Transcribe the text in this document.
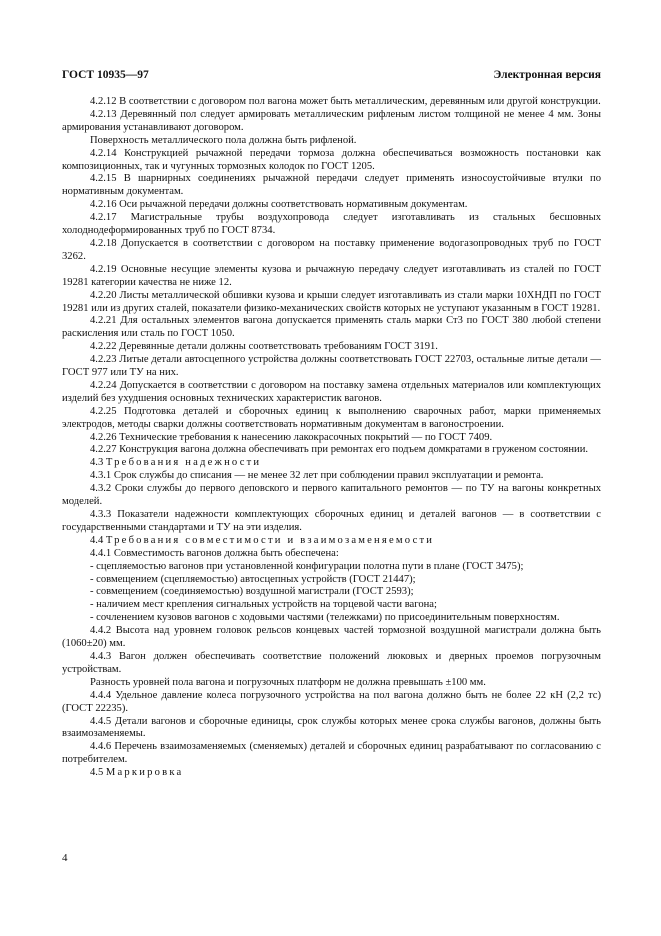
ГОСТ 10935—97	Электронная версия

4.2.12 В соответствии с договором пол вагона может быть металлическим, деревянным или другой конструкции.

4.2.13 Деревянный пол следует армировать металлическим рифленым листом толщиной не менее 4 мм. Зоны армирования устанавливают договором.

Поверхность металлического пола должна быть рифленой.

4.2.14 Конструкцией рычажной передачи тормоза должна обеспечиваться возможность постановки как композиционных, так и чугунных тормозных колодок по ГОСТ 1205.

4.2.15 В шарнирных соединениях рычажной передачи следует применять износоустойчивые втулки по нормативным документам.

4.2.16 Оси рычажной передачи должны соответствовать нормативным документам.

4.2.17 Магистральные трубы воздухопровода следует изготавливать из стальных бесшовных холоднодеформированных труб по ГОСТ 8734.

4.2.18 Допускается в соответствии с договором на поставку применение водогазопроводных труб по ГОСТ 3262.

4.2.19 Основные несущие элементы кузова и рычажную передачу следует изготавливать из сталей по ГОСТ 19281 категории качества не ниже 12.

4.2.20 Листы металлической обшивки кузова и крыши следует изготавливать из стали марки 10ХНДП по ГОСТ 19281 или из других сталей, показатели физико-механических свойств которых не уступают указанным в ГОСТ 19281.

4.2.21 Для остальных элементов вагона допускается применять сталь марки Ст3 по ГОСТ 380 любой степени раскисления или сталь по ГОСТ 1050.

4.2.22 Деревянные детали должны соответствовать требованиям ГОСТ 3191.

4.2.23 Литые детали автосцепного устройства должны соответствовать ГОСТ 22703, остальные литые детали — ГОСТ 977 или ТУ на них.

4.2.24 Допускается в соответствии с договором на поставку замена отдельных материалов или комплектующих изделий без ухудшения основных технических характеристик вагонов.

4.2.25 Подготовка деталей и сборочных единиц к выполнению сварочных работ, марки применяемых электродов, методы сварки должны соответствовать нормативным документам в вагоностроении.

4.2.26 Технические требования к нанесению лакокрасочных покрытий — по ГОСТ 7409.

4.2.27 Конструкция вагона должна обеспечивать при ремонтах его подъем домкратами в груженом состоянии.

4.3 Требования надежности

4.3.1 Срок службы до списания — не менее 32 лет при соблюдении правил эксплуатации и ремонта.

4.3.2 Сроки службы до первого деповского и первого капитального ремонтов — по ТУ на вагоны конкретных моделей.

4.3.3 Показатели надежности комплектующих сборочных единиц и деталей вагонов — в соответствии с государственными стандартами и ТУ на эти изделия.

4.4 Требования совместимости и взаимозаменяемости

4.4.1 Совместимость вагонов должна быть обеспечена:

- сцепляемостью вагонов при установленной конфигурации полотна пути в плане (ГОСТ 3475);

- совмещением (сцепляемостью) автосцепных устройств (ГОСТ 21447);

- совмещением (соединяемостью) воздушной магистрали (ГОСТ 2593);

- наличием мест крепления сигнальных устройств на торцевой части вагона;

- сочленением кузовов вагонов с ходовыми частями (тележками) по присоединительным поверхностям.

4.4.2 Высота над уровнем головок рельсов концевых частей тормозной воздушной магистрали должна быть (1060±20) мм.

4.4.3 Вагон должен обеспечивать соответствие положений люковых и дверных проемов погрузочным устройствам.

Разность уровней пола вагона и погрузочных платформ не должна превышать ±100 мм.

4.4.4 Удельное давление колеса погрузочного устройства на пол вагона должно быть не более 22 кН (2,2 тс) (ГОСТ 22235).

4.4.5 Детали вагонов и сборочные единицы, срок службы которых менее срока службы вагонов, должны быть взаимозаменяемы.

4.4.6 Перечень взаимозаменяемых (сменяемых) деталей и сборочных единиц разрабатывают по согласованию с потребителем.

4.5 Маркировка

4
